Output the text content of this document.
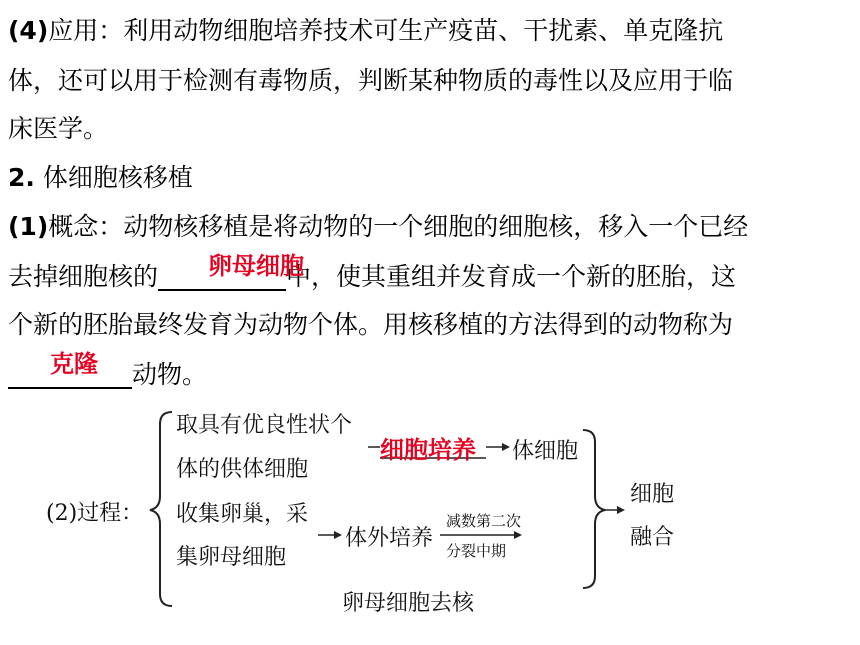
(4)应用：利用动物细胞培养技术可生产疫苗、干扰素、单克隆抗
体，还可以用于检测有毒物质，判断某种物质的毒性以及应用于临
床医学。
2. 体细胞核移植
(1)概念：动物核移植是将动物的一个细胞的细胞核，移入一个已经
去掉细胞核的	中，使其重组并发育成一个新的胚胎，这
个新的胚胎最终发育为动物个体。用核移植的方法得到的动物称为
动物。
卵母细胞
克隆
(2)过程：
取具有优良性状个
体的供体细胞
细胞培养 体细胞
收集卵巢，采
集卵母细胞
体外培养
减数第二次
分裂中期
卵母细胞去核
细胞
融合
